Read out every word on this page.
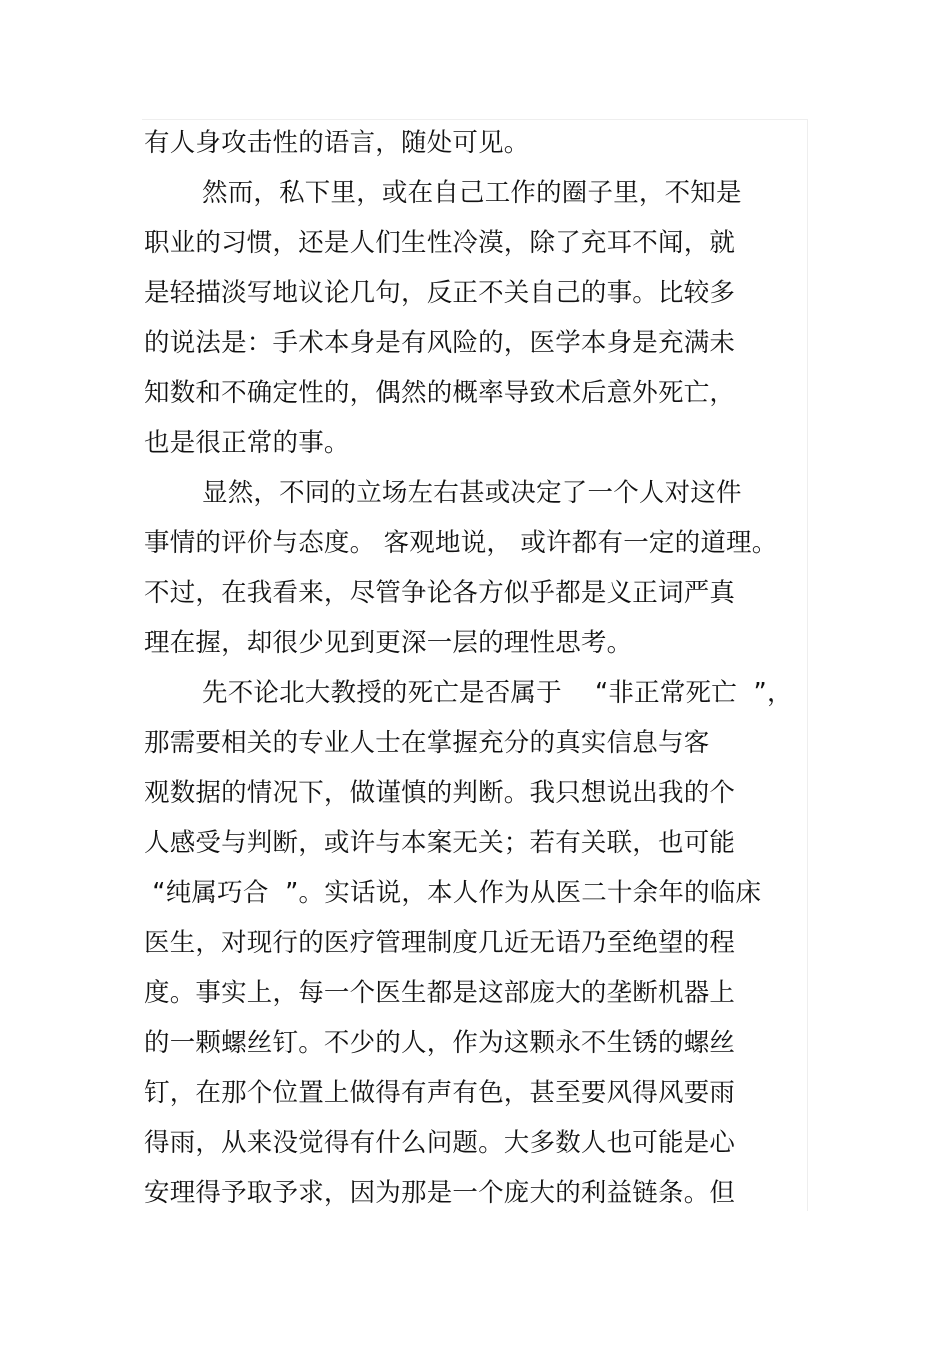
有人身攻击性的语言，随处可见。
然而，私下里，或在自己工作的圈子里，不知是
职业的习惯，还是人们生性冷漠，除了充耳不闻，就
是轻描淡写地议论几句，反正不关自己的事。比较多
的说法是：手术本身是有风险的，医学本身是充满未
知数和不确定性的，偶然的概率导致术后意外死亡，
也是很正常的事。
显然，不同的立场左右甚或决定了一个人对这件
事情的评价与态度。 客观地说， 或许都有一定的道理。
不过，在我看来，尽管争论各方似乎都是义正词严真
理在握，却很少见到更深一层的理性思考。
先不论北大教授的死亡是否属于    “非正常死亡  ”，
那需要相关的专业人士在掌握充分的真实信息与客
观数据的情况下，做谨慎的判断。我只想说出我的个
人感受与判断，或许与本案无关；若有关联，也可能
“纯属巧合  ”。实话说，本人作为从医二十余年的临床
医生，对现行的医疗管理制度几近无语乃至绝望的程
度。事实上，每一个医生都是这部庞大的垄断机器上
的一颗螺丝钉。不少的人，作为这颗永不生锈的螺丝
钉，在那个位置上做得有声有色，甚至要风得风要雨
得雨，从来没觉得有什么问题。大多数人也可能是心
安理得予取予求，因为那是一个庞大的利益链条。但
